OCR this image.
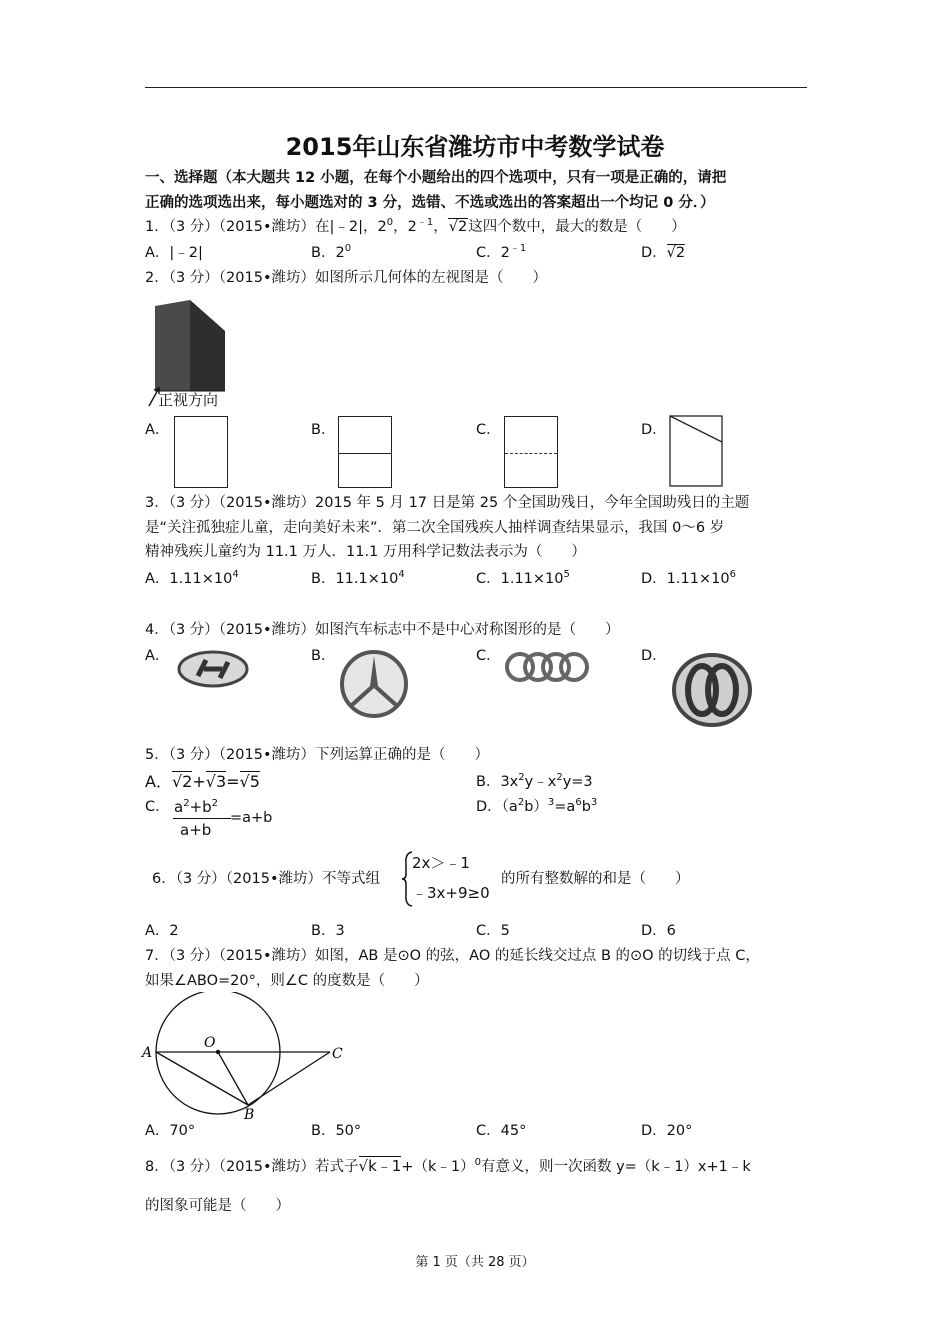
2015年山东省潍坊市中考数学试卷
一、选择题（本大题共 12 小题，在每个小题给出的四个选项中，只有一项是正确的，请把
正确的选项选出来，每小题选对的 3 分，选错、不选或选出的答案超出一个均记 0 分．）
1．（3 分）（2015•潍坊）在|﹣2|，$2^0$，$2^{﹣1}$，√2这四个数中，最大的数是（　　）
A．|﹣2|	B．$2^0$	C．$2^{﹣1}$	D．√2
2．（3 分）（2015•潍坊）如图所示几何体的左视图是（　　）
正视方向
A．	B．	C．	D．
3．（3 分）（2015•潍坊）2015 年 5 月 17 日是第 25 个全国助残日，今年全国助残日的主题
是“关注孤独症儿童，走向美好未来”．第二次全国残疾人抽样调查结果显示，我国 0～6 岁
精神残疾儿童约为 11.1 万人．11.1 万用科学记数法表示为（　　）
A．$1.11\times 10^4$	B．$11.1\times 10^4$	C．$1.11\times 10^5$	D．$1.11\times 10^6$
4．（3 分）（2015•潍坊）如图汽车标志中不是中心对称图形的是（　　）
A．	B．	C．	D．
5．（3 分）（2015•潍坊）下列运算正确的是（　　）
A．√2+√3=√5	B．$3x^2y﹣x^2y=3$
C． $a^2+b^2$
a+b
=a+b
D．$(a^2b)^3=a^6b^3$
6．（3 分）（2015•潍坊）不等式组
2x＞﹣1
﹣3x+9≥0
的所有整数解的和是（　　）
A．2	B．3	C．5	D．6
7．（3 分）（2015•潍坊）如图，AB 是⊙O 的弦，AO 的延长线交过点 B 的⊙O 的切线于点 C，
如果∠ABO=20°，则∠C 的度数是（　　）
A
O
C
B
A．70°	B．50°	C．45°	D．20°
8．（3 分）（2015•潍坊）若式子√k﹣1+（k﹣1）$^0$有意义，则一次函数 y=（k﹣1）x+1﹣k
的图象可能是（　　）
第 1 页（共 28 页）
